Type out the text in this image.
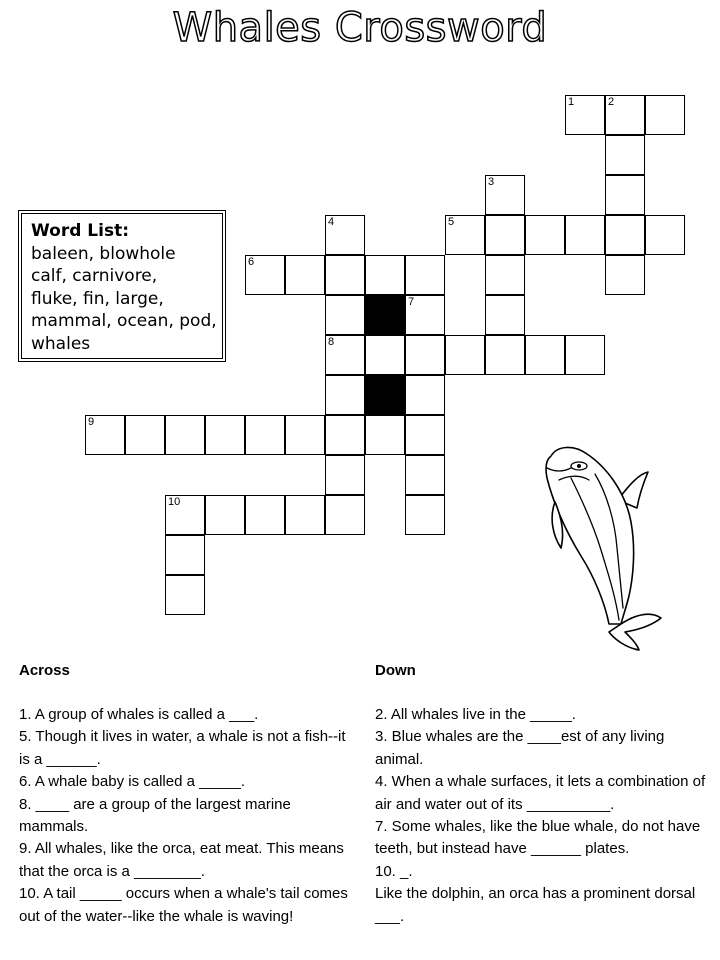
Whales Crossword
1	2
3
4	5
6
7
8
9
10
Word List:
baleen, blowhole
calf, carnivore,
fluke, fin, large,
mammal, ocean, pod,
whales
Across

1. A group of whales is called a ___.

5. Though it lives in water, a whale is not a fish--it is a ______.

6. A whale baby is called a _____.

8. ____ are a group of the largest marine mammals.

9. All whales, like the orca, eat meat. This means that the orca is a ________.

10. A tail _____ occurs when a whale's tail comes out of the water--like the whale is waving!

Down

2. All whales live in the _____.

3. Blue whales are the ____est of any living animal.

4. When a whale surfaces, it lets a combination of air and water out of its __________.

7. Some whales, like the blue whale, do not have teeth, but instead have ______ plates.

10. _.

Like the dolphin, an orca has a prominent dorsal ___.
